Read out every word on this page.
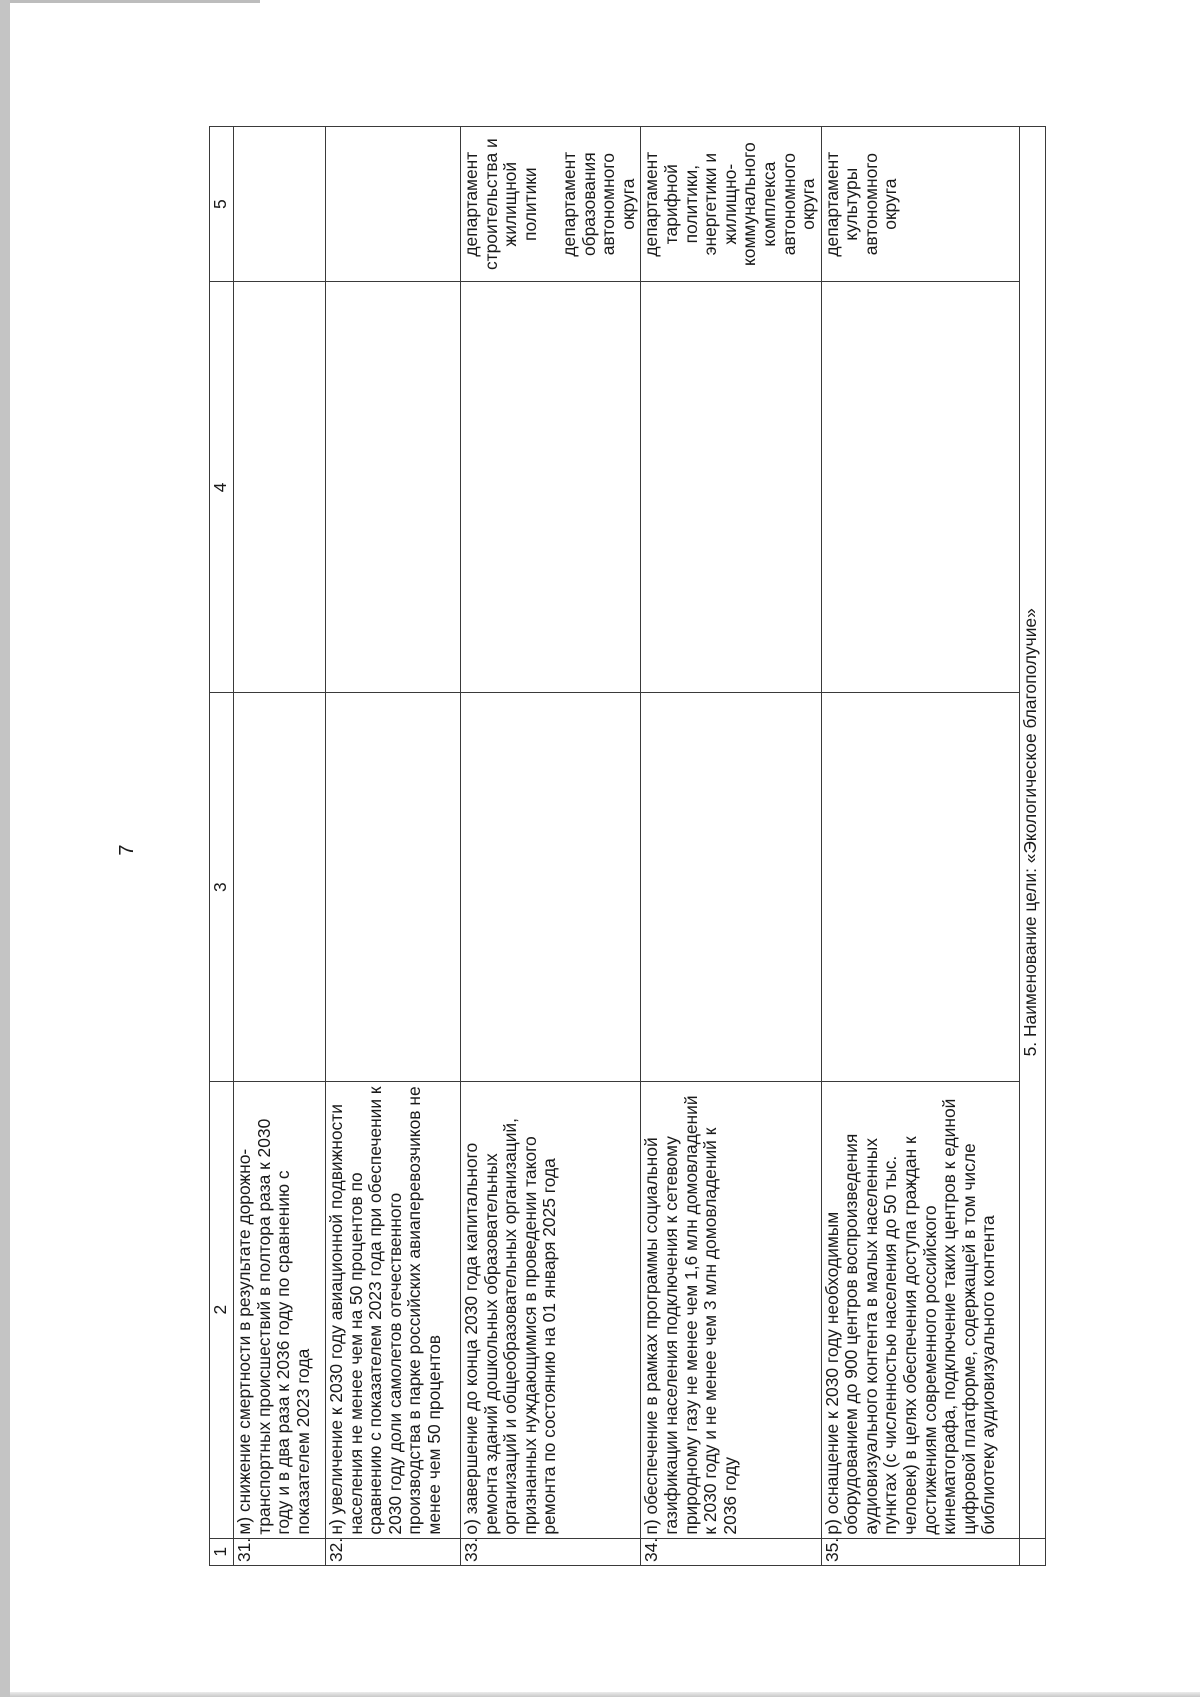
7
1	2	3	4	5
31.	м) снижение смертности в результате дорожно-транспортных происшествий в полтора раза к 2030 году и в два раза к 2036 году по сравнению с показателем 2023 года			
32.	н) увеличение к 2030 году авиационной подвижности населения не менее чем на 50 процентов по сравнению с показателем 2023 года при обеспечении к 2030 году доли самолетов отечественного производства в парке российских авиаперевозчиков не менее чем 50 процентов			
33.	о) завершение до конца 2030 года капитального ремонта зданий дошкольных образовательных организаций и общеобразовательных организаций, признанных нуждающимися в проведении такого ремонта по состоянию на 01 января 2025 года			департамент строительства и жилищной политики департамент образования автономного округа

34.	п) обеспечение в рамках программы социальной газификации населения подключения к сетевому природному газу не менее чем 1,6 млн домовладений к 2030 году и не менее чем 3 млн домовладений к 2036 году			департамент тарифной политики, энергетики и жилищно-коммунального комплекса автономного округа

35.	р) оснащение к 2030 году необходимым оборудованием до 900 центров воспроизведения аудиовизуального контента в малых населенных пунктах (с численностью населения до 50 тыс. человек) в целях обеспечения доступа граждан к достижениям современного российского кинематографа, подключение таких центров к единой цифровой платформе, содержащей в том числе библиотеку аудиовизуального контента			департамент культуры автономного округа

	5. Наименование цели: «Экологическое благополучие»			
